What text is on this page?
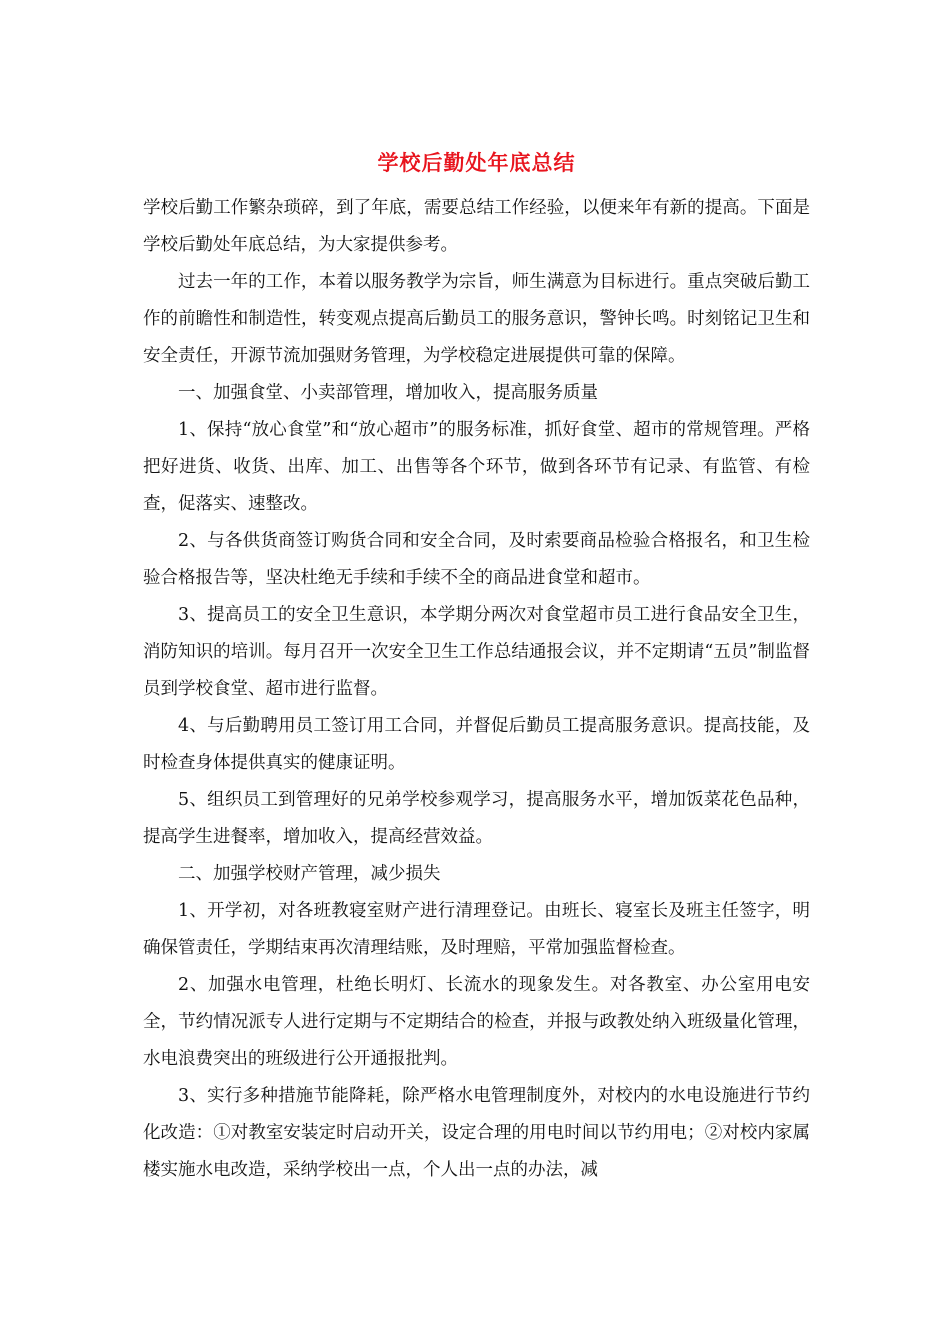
学校后勤处年底总结

学校后勤工作繁杂琐碎，到了年底，需要总结工作经验，以便来年有新的提高。下面是学校后勤处年底总结，为大家提供参考。

过去一年的工作，本着以服务教学为宗旨，师生满意为目标进行。重点突破后勤工作的前瞻性和制造性，转变观点提高后勤员工的服务意识，警钟长鸣。时刻铭记卫生和安全责任，开源节流加强财务管理，为学校稳定进展提供可靠的保障。

一、加强食堂、小卖部管理，增加收入，提高服务质量

1、保持“放心食堂”和“放心超市”的服务标准，抓好食堂、超市的常规管理。严格把好进货、收货、出库、加工、出售等各个环节，做到各环节有记录、有监管、有检查，促落实、速整改。

2、与各供货商签订购货合同和安全合同，及时索要商品检验合格报名，和卫生检验合格报告等，坚决杜绝无手续和手续不全的商品进食堂和超市。

3、提高员工的安全卫生意识，本学期分两次对食堂超市员工进行食品安全卫生，消防知识的培训。每月召开一次安全卫生工作总结通报会议，并不定期请“五员”制监督员到学校食堂、超市进行监督。

4、与后勤聘用员工签订用工合同，并督促后勤员工提高服务意识。提高技能，及时检查身体提供真实的健康证明。

5、组织员工到管理好的兄弟学校参观学习，提高服务水平，增加饭菜花色品种，提高学生进餐率，增加收入，提高经营效益。

二、加强学校财产管理，减少损失

1、开学初，对各班教寝室财产进行清理登记。由班长、寝室长及班主任签字，明确保管责任，学期结束再次清理结账，及时理赔，平常加强监督检查。

2、加强水电管理，杜绝长明灯、长流水的现象发生。对各教室、办公室用电安全，节约情况派专人进行定期与不定期结合的检查，并报与政教处纳入班级量化管理，水电浪费突出的班级进行公开通报批判。

3、实行多种措施节能降耗，除严格水电管理制度外，对校内的水电设施进行节约化改造：①对教室安装定时启动开关，设定合理的用电时间以节约用电；②对校内家属楼实施水电改造，采纳学校出一点，个人出一点的办法，减
